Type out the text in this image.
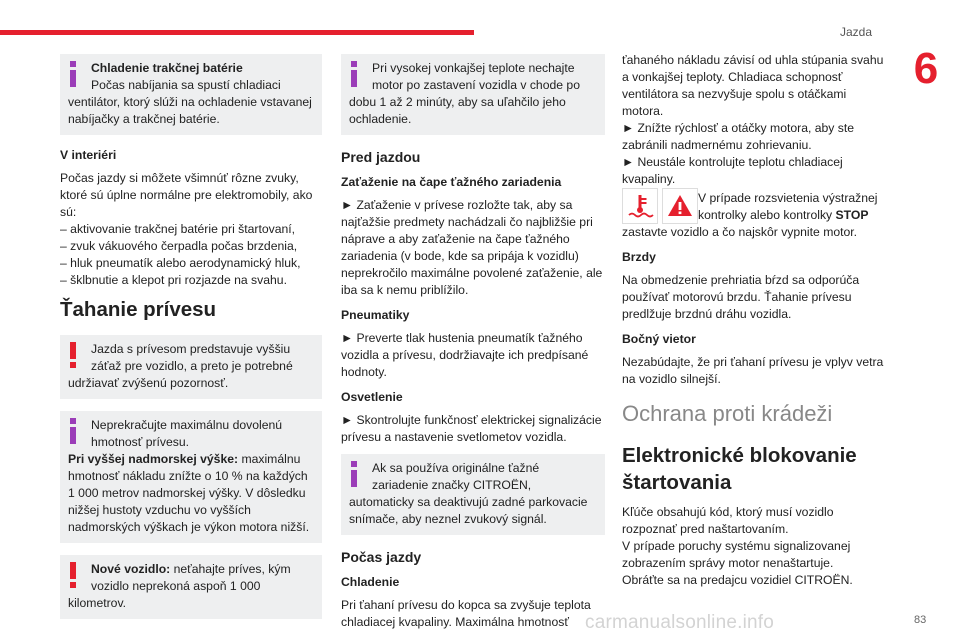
Jazda
6
Chladenie trakčnej batérie
Počas nabíjania sa spustí chladiaci
ventilátor, ktorý slúži na ochladenie vstavanej nabíjačky a trakčnej batérie.
V interiéri

Počas jazdy si môžete všimnúť rôzne zvuky, ktoré sú úplne normálne pre elektromobily, ako sú:

– aktivovanie trakčnej batérie pri štartovaní,
– zvuk vákuového čerpadla počas brzdenia,
– hluk pneumatík alebo aerodynamický hluk,
– šklbnutie a klepot pri rozjazde na svahu.
Ťahanie prívesu
Jazda s prívesom predstavuje vyššiu
záťaž pre vozidlo, a preto je potrebné
udržiavať zvýšenú pozornosť.
Neprekračujte maximálnu dovolenú
hmotnosť prívesu.
Pri vyššej nadmorskej výške: maximálnu hmotnosť nákladu znížte o 10 % na každých 1 000 metrov nadmorskej výšky. V dôsledku nižšej hustoty vzduchu vo vyšších nadmorských výškach je výkon motora nižší.
Nové vozidlo: neťahajte príves, kým
vozidlo neprekoná aspoň 1 000
kilometrov.
Pri vysokej vonkajšej teplote nechajte
motor po zastavení vozidla v chode po
dobu 1 až 2 minúty, aby sa uľahčilo jeho ochladenie.
Pred jazdou
Zaťaženie na čape ťažného zariadenia

► Zaťaženie v prívese rozložte tak, aby sa najťažšie predmety nachádzali čo najbližšie pri náprave a aby zaťaženie na čape ťažného zariadenia (v bode, kde sa pripája k vozidlu) neprekročilo maximálne povolené zaťaženie, ale iba sa k nemu priblížilo.

Pneumatiky

► Preverte tlak hustenia pneumatík ťažného vozidla a prívesu, dodržiavajte ich predpísané hodnoty.

Osvetlenie

► Skontrolujte funkčnosť elektrickej signalizácie prívesu a nastavenie svetlometov vozidla.

Ak sa používa originálne ťažné
zariadenie značky CITROËN,
automaticky sa deaktivujú zadné parkovacie snímače, aby neznel zvukový signál.
Počas jazdy
Chladenie

Pri ťahaní prívesu do kopca sa zvyšuje teplota chladiacej kvapaliny. Maximálna hmotnosť

ťahaného nákladu závisí od uhla stúpania svahu a vonkajšej teploty. Chladiaca schopnosť ventilátora sa nezvyšuje spolu s otáčkami motora.

► Znížte rýchlosť a otáčky motora, aby ste zabránili nadmernému zohrievaniu.

► Neustále kontrolujte teplotu chladiacej kvapaliny.

V prípade rozsvietenia výstražnej
kontrolky alebo kontrolky STOP

zastavte vozidlo a čo najskôr vypnite motor.

Brzdy

Na obmedzenie prehriatia bŕzd sa odporúča používať motorovú brzdu. Ťahanie prívesu predlžuje brzdnú dráhu vozidla.

Bočný vietor

Nezabúdajte, že pri ťahaní prívesu je vplyv vetra na vozidlo silnejší.

Ochrana proti krádeži
Elektronické blokovanie štartovania
Kľúče obsahujú kód, ktorý musí vozidlo rozpoznať pred naštartovaním.
V prípade poruchy systému signalizovanej zobrazením správy motor nenaštartuje.
Obráťte sa na predajcu vozidiel CITROËN.
carmanualsonline.info	83
